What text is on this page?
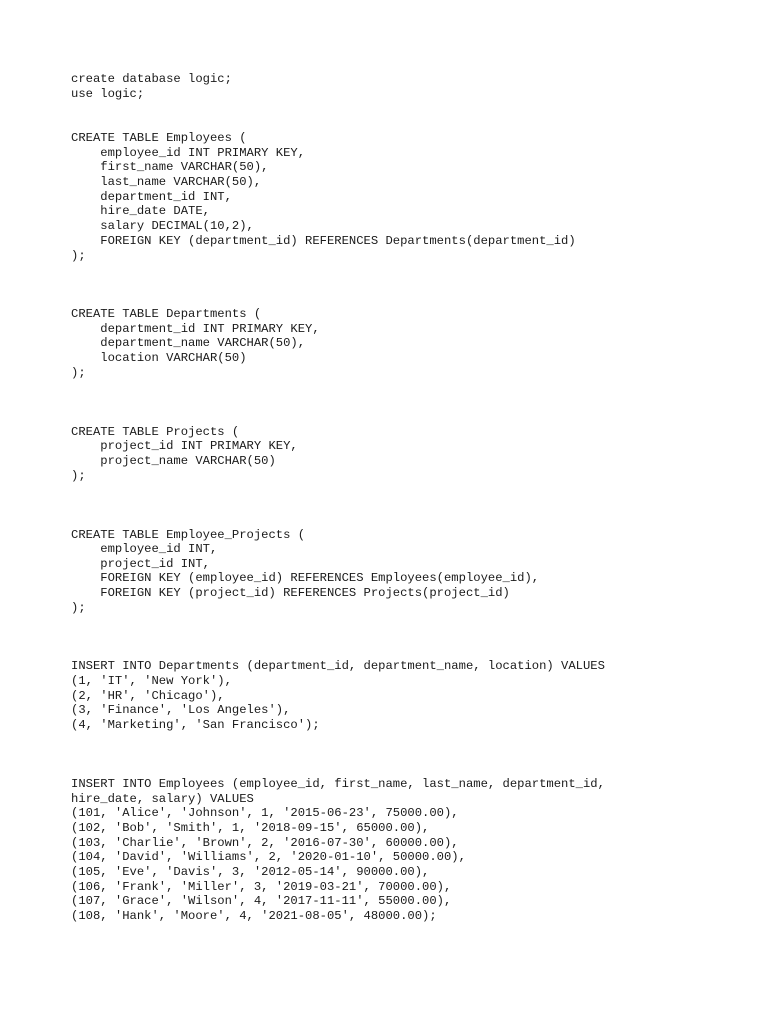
create database logic;
use logic;
CREATE TABLE Employees (
employee_id INT PRIMARY KEY,
first_name VARCHAR(50),
last_name VARCHAR(50),
department_id INT,
hire_date DATE,
salary DECIMAL(10,2),
FOREIGN KEY (department_id) REFERENCES Departments(department_id)
);
CREATE TABLE Departments (
department_id INT PRIMARY KEY,
department_name VARCHAR(50),
location VARCHAR(50)
);
CREATE TABLE Projects (
project_id INT PRIMARY KEY,
project_name VARCHAR(50)
);
CREATE TABLE Employee_Projects (
employee_id INT,
project_id INT,
FOREIGN KEY (employee_id) REFERENCES Employees(employee_id),
FOREIGN KEY (project_id) REFERENCES Projects(project_id)
);
INSERT INTO Departments (department_id, department_name, location) VALUES
(1, 'IT', 'New York'),
(2, 'HR', 'Chicago'),
(3, 'Finance', 'Los Angeles'),
(4, 'Marketing', 'San Francisco');
INSERT INTO Employees (employee_id, first_name, last_name, department_id,
hire_date, salary) VALUES
(101, 'Alice', 'Johnson', 1, '2015-06-23', 75000.00),
(102, 'Bob', 'Smith', 1, '2018-09-15', 65000.00),
(103, 'Charlie', 'Brown', 2, '2016-07-30', 60000.00),
(104, 'David', 'Williams', 2, '2020-01-10', 50000.00),
(105, 'Eve', 'Davis', 3, '2012-05-14', 90000.00),
(106, 'Frank', 'Miller', 3, '2019-03-21', 70000.00),
(107, 'Grace', 'Wilson', 4, '2017-11-11', 55000.00),
(108, 'Hank', 'Moore', 4, '2021-08-05', 48000.00);
